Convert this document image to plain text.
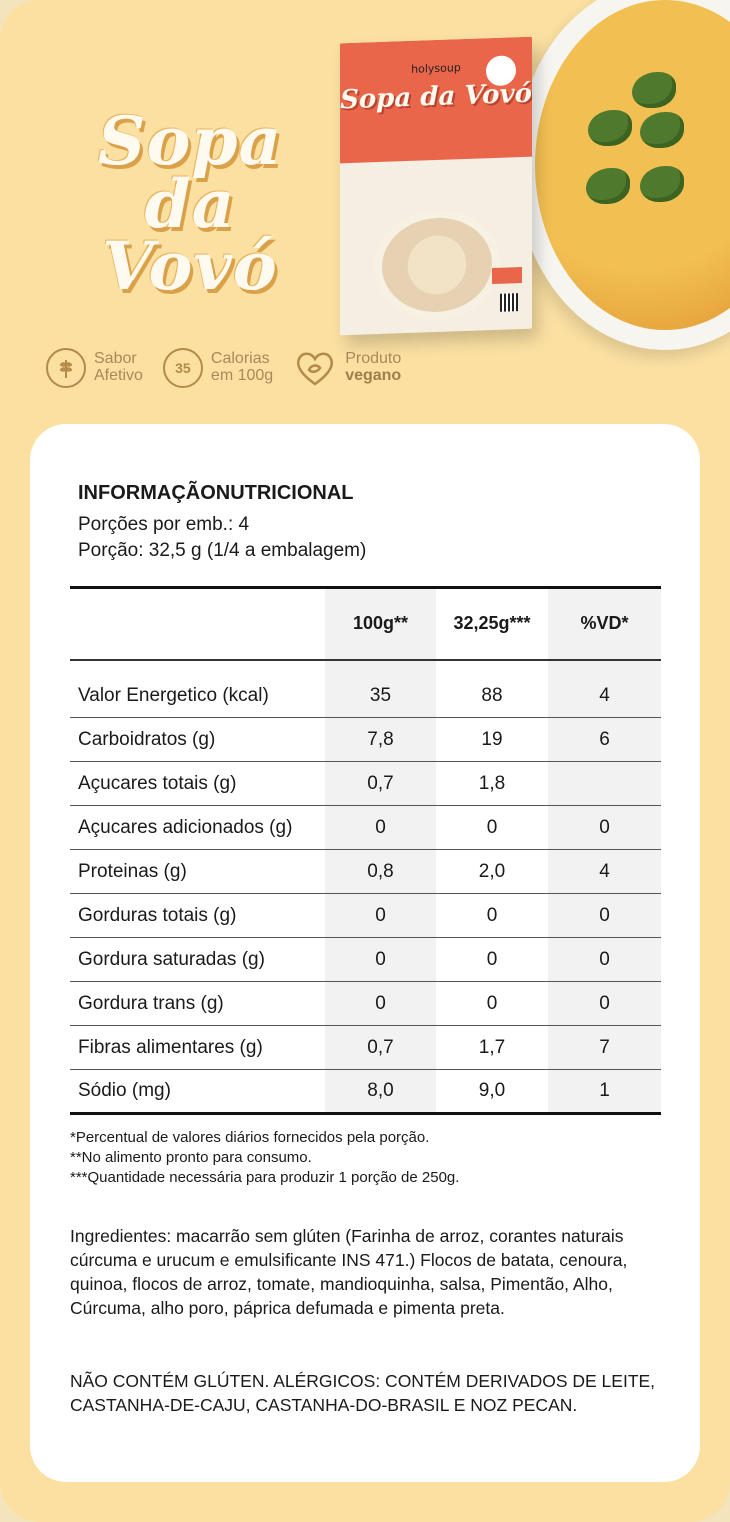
holysoup
Sopa da Vovó
Sopa da
Vovó
Sabor
Afetivo 35
Calorias
em 100g
Produto
vegano
INFORMAÇÃONUTRICIONAL
Porções por emb.: 4
Porção: 32,5 g (1/4 a embalagem)
	100g**	32,25g***	%VD*
Valor Energetico (kcal)	35	88	4
Carboidratos (g)	7,8	19	6
Açucares totais (g)	0,7	1,8	
Açucares adicionados (g)	0	0	0
Proteinas (g)	0,8	2,0	4
Gorduras totais (g)	0	0	0
Gordura saturadas (g)	0	0	0
Gordura trans (g)	0	0	0
Fibras alimentares (g)	0,7	1,7	7
Sódio (mg)	8,0	9,0	1
*Percentual de valores diários fornecidos pela porção.
**No alimento pronto para consumo.
***Quantidade necessária para produzir 1 porção de 250g.
Ingredientes: macarrão sem glúten (Farinha de arroz, corantes naturais cúrcuma e urucum e emulsificante INS 471.) Flocos de batata, cenoura, quinoa, flocos de arroz, tomate, mandioquinha, salsa, Pimentão, Alho, Cúrcuma, alho poro, páprica defumada e pimenta preta.
NÃO CONTÉM GLÚTEN. ALÉRGICOS: CONTÉM DERIVADOS DE LEITE, CASTANHA-DE-CAJU, CASTANHA-DO-BRASIL E NOZ PECAN.
